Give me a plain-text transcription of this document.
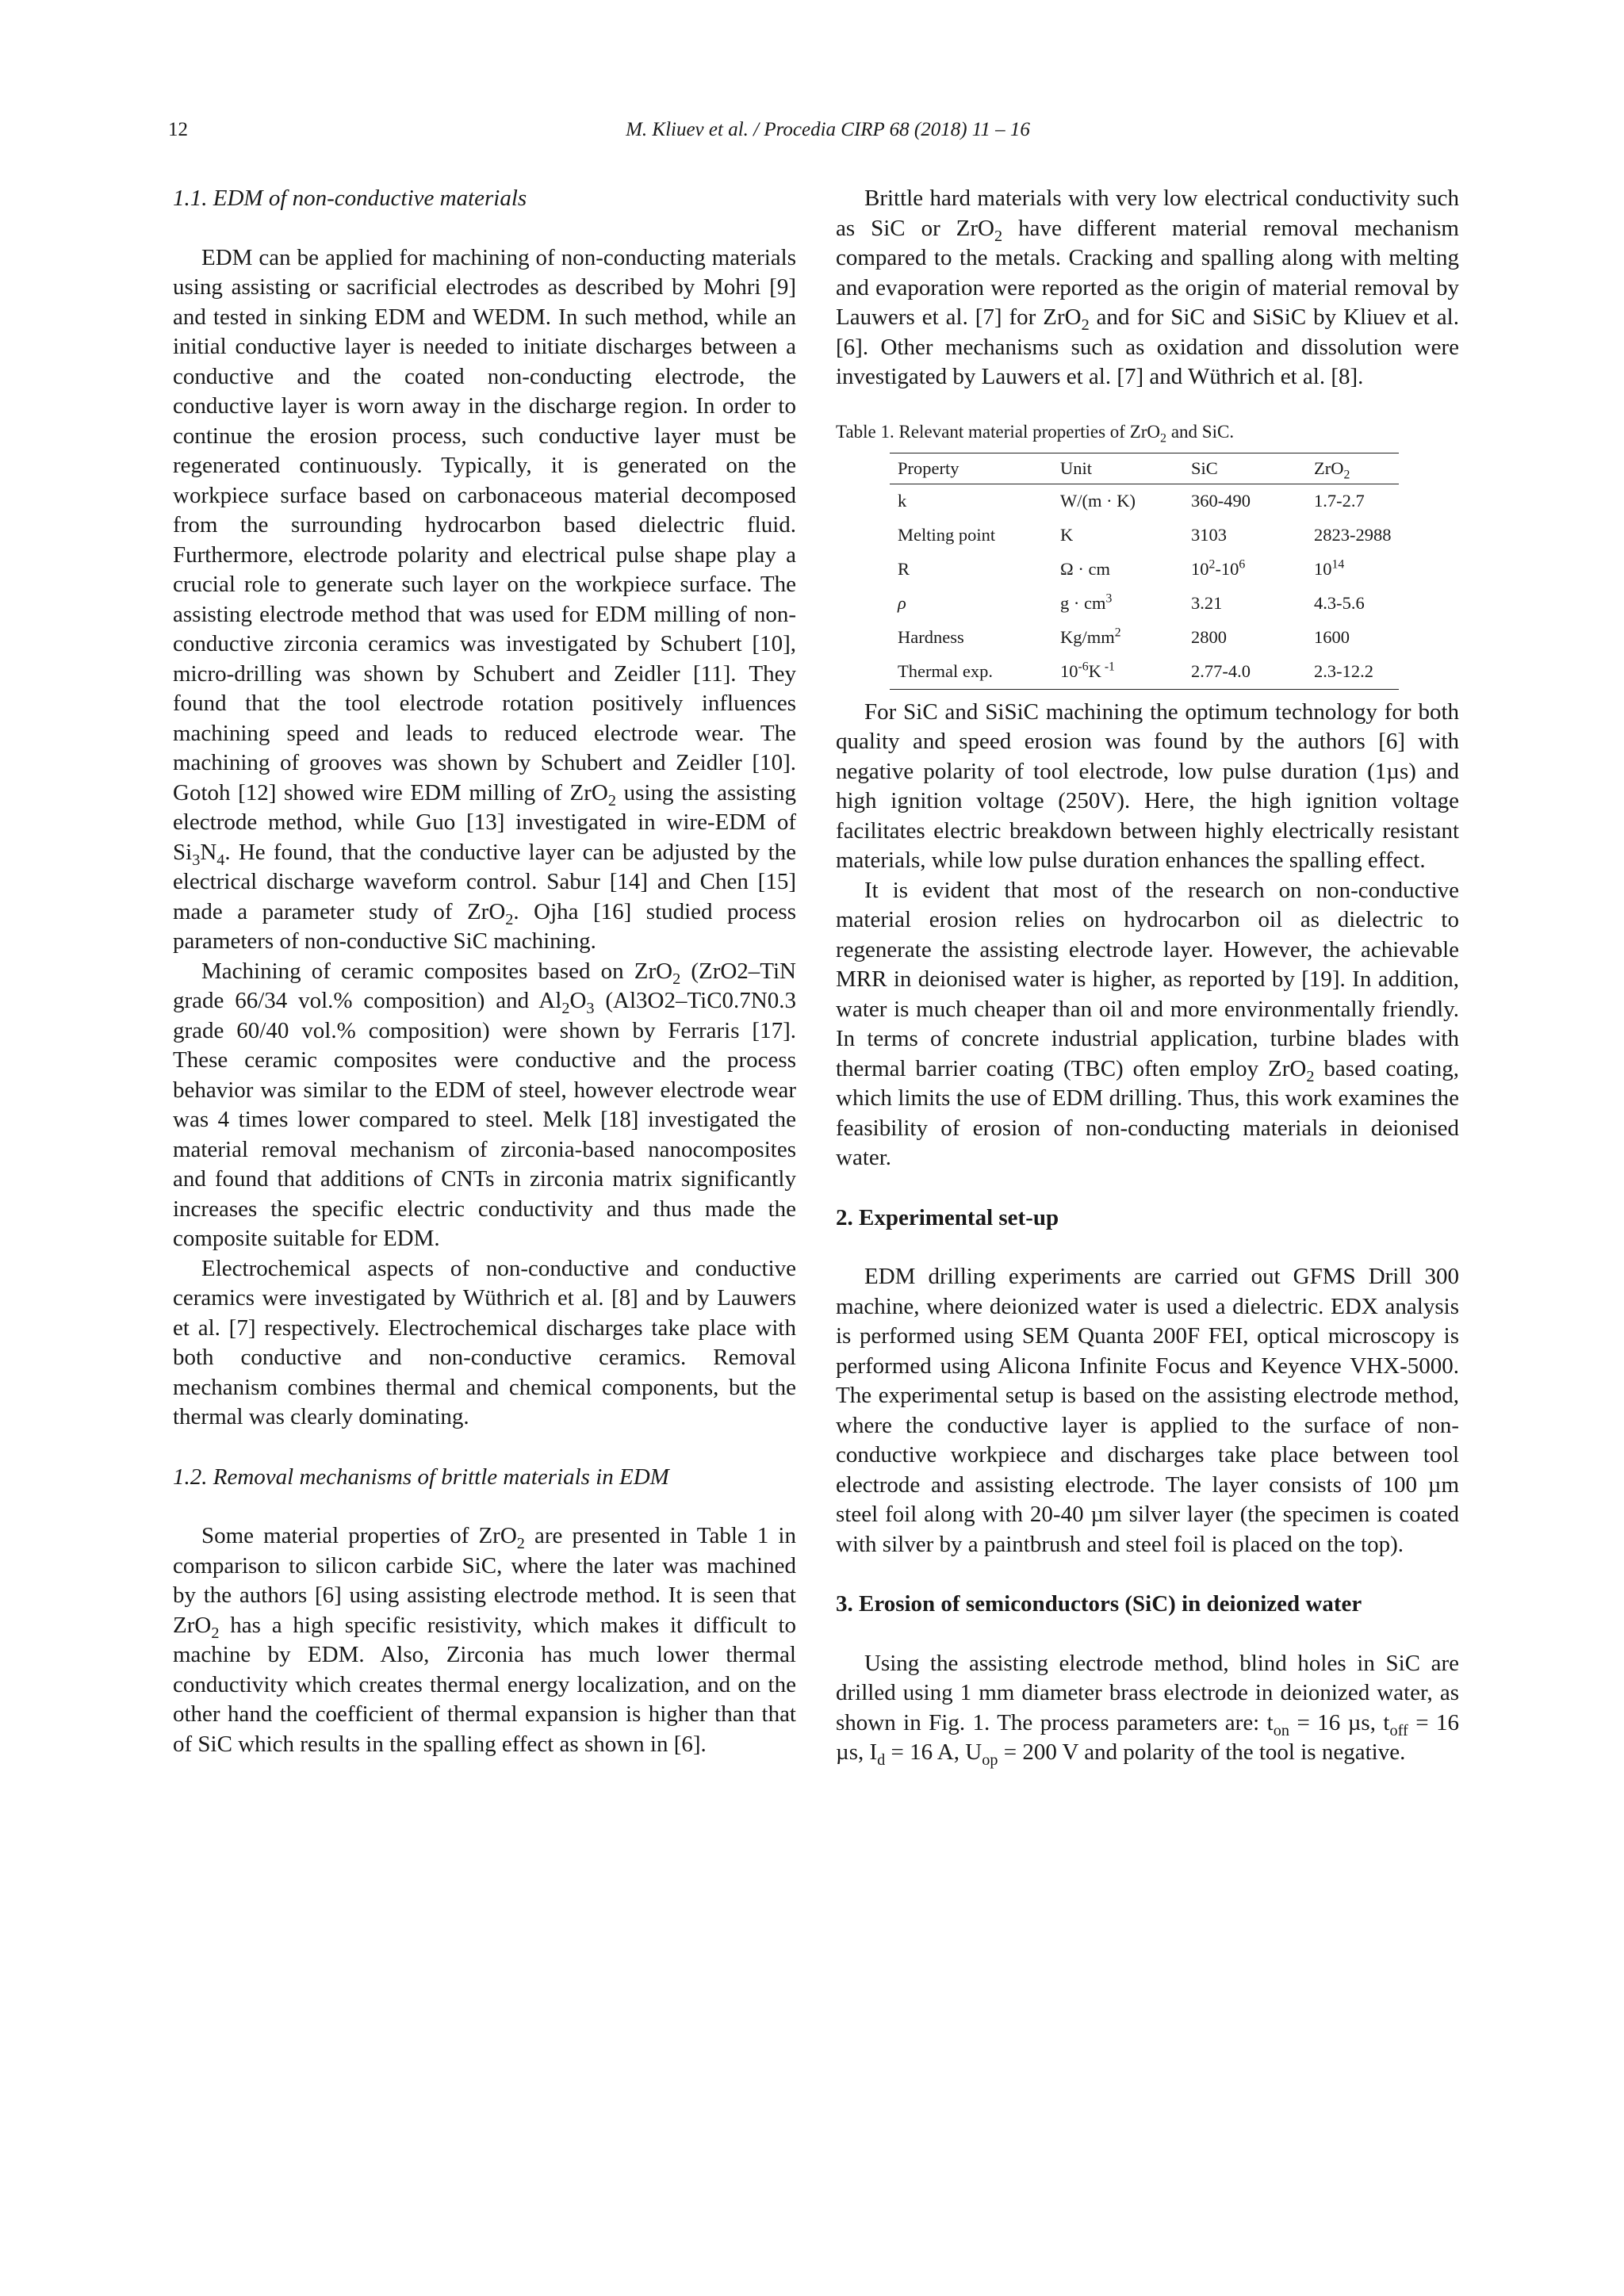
12	M. Kliuev et al. / Procedia CIRP 68 (2018) 11 – 16
1.1. EDM of non-conductive materials

EDM can be applied for machining of non-conducting materials using assisting or sacrificial electrodes as described by Mohri [9] and tested in sinking EDM and WEDM. In such method, while an initial conductive layer is needed to initiate discharges between a conductive and the coated non-conducting electrode, the conductive layer is worn away in the discharge region. In order to continue the erosion process, such conductive layer must be regenerated continuously. Typically, it is generated on the workpiece surface based on carbonaceous material decomposed from the surrounding hydrocarbon based dielectric fluid. Furthermore, electrode polarity and electrical pulse shape play a crucial role to generate such layer on the workpiece surface. The assisting electrode method that was used for EDM milling of non-conductive zirconia ceramics was investigated by Schubert [10], micro-drilling was shown by Schubert and Zeidler [11]. They found that the tool electrode rotation positively influences machining speed and leads to reduced electrode wear. The machining of grooves was shown by Schubert and Zeidler [10]. Gotoh [12] showed wire EDM milling of ZrO$_2$ using the assisting electrode method, while Guo [13] investigated in wire-EDM of $Si_3N_4$. He found, that the conductive layer can be adjusted by the electrical discharge waveform control. Sabur [14] and Chen [15] made a parameter study of ZrO$_2$. Ojha [16] studied process parameters of non-conductive SiC machining.

Machining of ceramic composites based on ZrO$_2$ (ZrO2–TiN grade 66/34 vol.% composition) and $Al_2O_3$ (Al3O2–TiC0.7N0.3 grade 60/40 vol.% composition) were shown by Ferraris [17]. These ceramic composites were conductive and the process behavior was similar to the EDM of steel, however electrode wear was 4 times lower compared to steel. Melk [18] investigated the material removal mechanism of zirconia-based nanocomposites and found that additions of CNTs in zirconia matrix significantly increases the specific electric conductivity and thus made the composite suitable for EDM.

Electrochemical aspects of non-conductive and conductive ceramics were investigated by Wüthrich et al. [8] and by Lauwers et al. [7] respectively. Electrochemical discharges take place with both conductive and non-conductive ceramics. Removal mechanism combines thermal and chemical components, but the thermal was clearly dominating.

1.2. Removal mechanisms of brittle materials in EDM

Some material properties of ZrO$_2$ are presented in Table 1 in comparison to silicon carbide SiC, where the later was machined by the authors [6] using assisting electrode method. It is seen that ZrO$_2$ has a high specific resistivity, which makes it difficult to machine by EDM. Also, Zirconia has much lower thermal conductivity which creates thermal energy localization, and on the other hand the coefficient of thermal expansion is higher than that of SiC which results in the spalling effect as shown in [6].

Brittle hard materials with very low electrical conductivity such as SiC or ZrO$_2$ have different material removal mechanism compared to the metals. Cracking and spalling along with melting and evaporation were reported as the origin of material removal by Lauwers et al. [7] for ZrO$_2$ and for SiC and SiSiC by Kliuev et al. [6]. Other mechanisms such as oxidation and dissolution were investigated by Lauwers et al. [7] and Wüthrich et al. [8].

Table 1. Relevant material properties of ZrO$_2$ and SiC.
Property	Unit	SiC	ZrO$_2$
k	W/(m · K)	360-490	1.7-2.7
Melting point	K	3103	2823-2988
R	Ω · cm	$10^2-10^6$	$10^{14}$
ρ	$g \cdot cm^3$	3.21	4.3-5.6
Hardness	$Kg/mm^2$	2800	1600
Thermal exp.	$10^{-6}K$ $^{-1}$	2.77-4.0	2.3-12.2

For SiC and SiSiC machining the optimum technology for both quality and speed erosion was found by the authors [6] with negative polarity of tool electrode, low pulse duration (1µs) and high ignition voltage (250V). Here, the high ignition voltage facilitates electric breakdown between highly electrically resistant materials, while low pulse duration enhances the spalling effect.

It is evident that most of the research on non-conductive material erosion relies on hydrocarbon oil as dielectric to regenerate the assisting electrode layer. However, the achievable MRR in deionised water is higher, as reported by [19]. In addition, water is much cheaper than oil and more environmentally friendly. In terms of concrete industrial application, turbine blades with thermal barrier coating (TBC) often employ ZrO$_2$ based coating, which limits the use of EDM drilling. Thus, this work examines the feasibility of erosion of non-conducting materials in deionised water.

2. Experimental set-up

EDM drilling experiments are carried out GFMS Drill 300 machine, where deionized water is used a dielectric. EDX analysis is performed using SEM Quanta 200F FEI, optical microscopy is performed using Alicona Infinite Focus and Keyence VHX-5000. The experimental setup is based on the assisting electrode method, where the conductive layer is applied to the surface of non-conductive workpiece and discharges take place between tool electrode and assisting electrode. The layer consists of 100 µm steel foil along with 20-40 µm silver layer (the specimen is coated with silver by a paintbrush and steel foil is placed on the top).

3. Erosion of semiconductors (SiC) in deionized water

Using the assisting electrode method, blind holes in SiC are drilled using 1 mm diameter brass electrode in deionized water, as shown in Fig. 1. The process parameters are: $t_{on} = 16$ µs, $t_{off} = 16$ µs, $I_d = 16$ A, $U_{op} = 200$ V and polarity of the tool is negative.
